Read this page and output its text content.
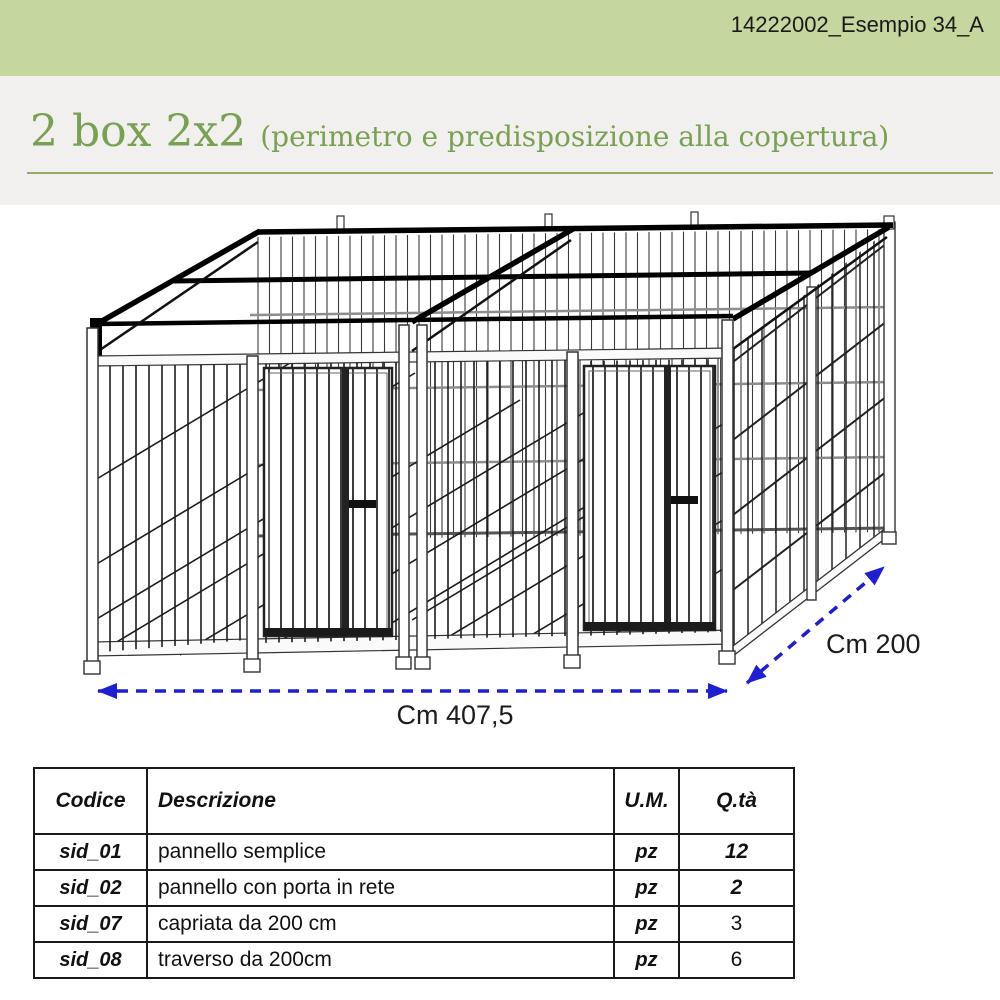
14222002_Esempio 34_A
2 box 2x2 (perimetro e predisposizione alla copertura)
Cm 407,5
Cm 200
Codice	Descrizione	U.M.	Q.tà
sid_01	pannello semplice	pz	12
sid_02	pannello con porta in rete	pz	2
sid_07	capriata da 200 cm	pz	3
sid_08	traverso da 200cm	pz	6
